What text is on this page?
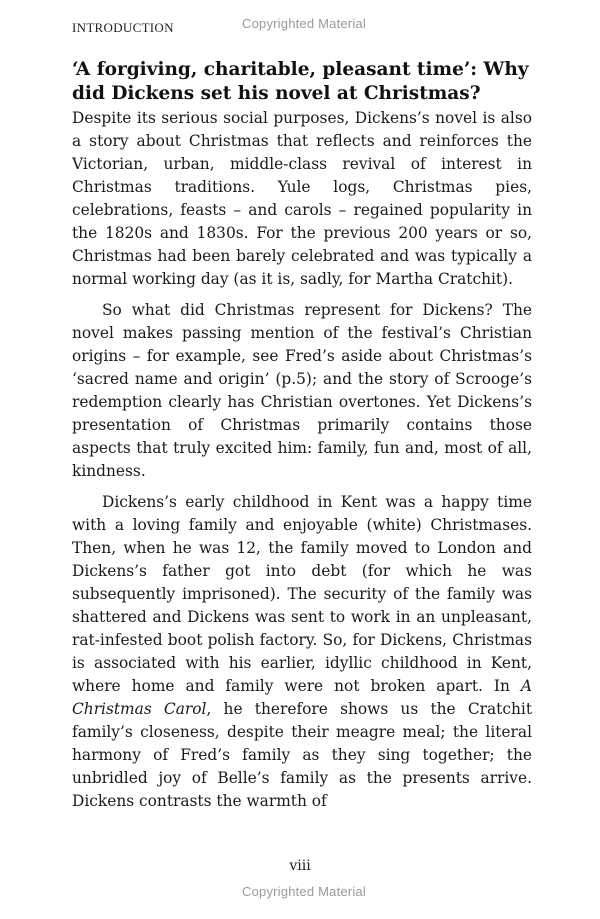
INTRODUCTION	Copyrighted Material
‘A forgiving, charitable, pleasant time’: Why did Dickens set his novel at Christmas?

Despite its serious social purposes, Dickens’s novel is also a story about Christmas that reflects and reinforces the Victorian, urban, middle-class revival of interest in Christmas traditions. Yule logs, Christmas pies, celebrations, feasts – and carols – regained popularity in the 1820s and 1830s. For the previous 200 years or so, Christmas had been barely celebrated and was typically a normal working day (as it is, sadly, for Martha Cratchit).

So what did Christmas represent for Dickens? The novel makes passing mention of the festival’s Christian origins – for example, see Fred’s aside about Christmas’s ‘sacred name and origin’ (p.5); and the story of Scrooge’s redemption clearly has Christian overtones. Yet Dickens’s presentation of Christmas primarily contains those aspects that truly excited him: family, fun and, most of all, kindness.

Dickens’s early childhood in Kent was a happy time with a loving family and enjoyable (white) Christmases. Then, when he was 12, the family moved to London and Dickens’s father got into debt (for which he was subsequently imprisoned). The security of the family was shattered and Dickens was sent to work in an unpleasant, rat-infested boot polish factory. So, for Dickens, Christmas is associated with his earlier, idyllic childhood in Kent, where home and family were not broken apart. In A Christmas Carol, he therefore shows us the Cratchit family’s closeness, despite their meagre meal; the literal harmony of Fred’s family as they sing together; the unbridled joy of Belle’s family as the presents arrive. Dickens contrasts the warmth of

viii
Copyrighted Material
